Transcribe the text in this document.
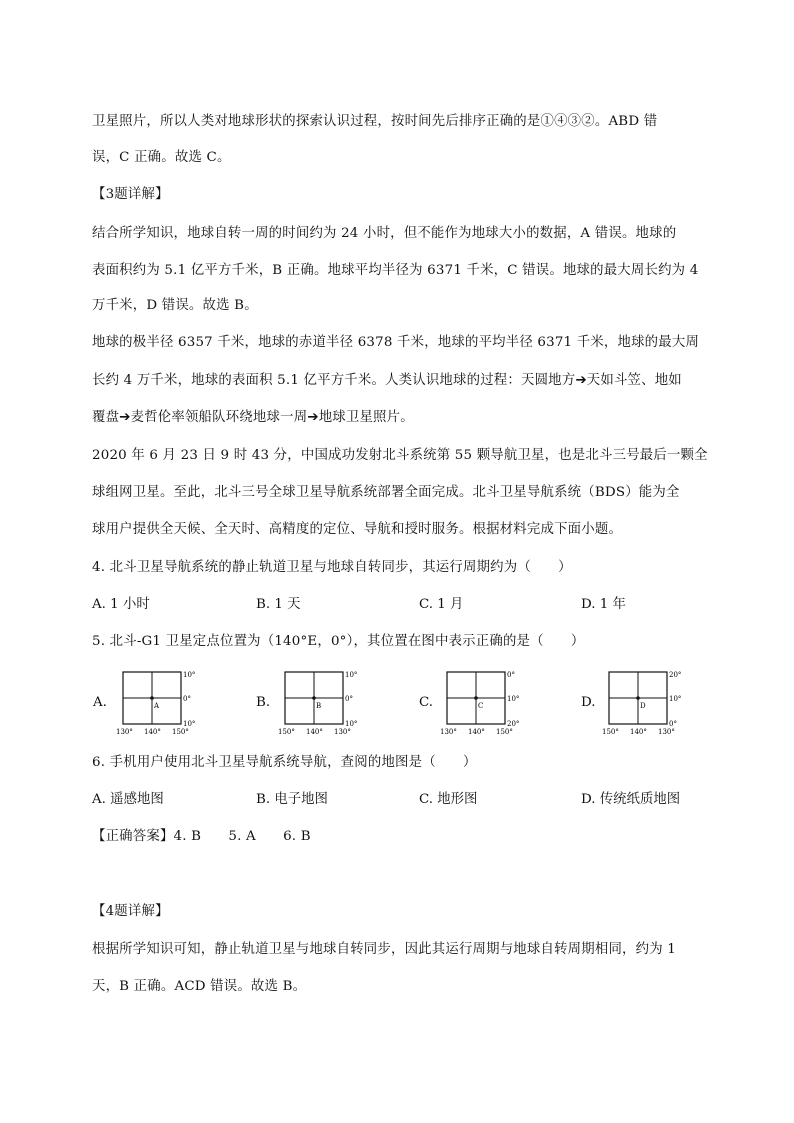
卫星照片，所以人类对地球形状的探索认识过程，按时间先后排序正确的是①④③②。ABD 错
误，C 正确。故选 C。
【3题详解】
结合所学知识，地球自转一周的时间约为 24 小时，但不能作为地球大小的数据，A 错误。地球的
表面积约为 5.1 亿平方千米，B 正确。地球平均半径为 6371 千米，C 错误。地球的最大周长约为 4
万千米，D 错误。故选 B。
地球的极半径 6357 千米，地球的赤道半径 6378 千米，地球的平均半径 6371 千米，地球的最大周
长约 4 万千米，地球的表面积 5.1 亿平方千米。人类认识地球的过程：天圆地方➔天如斗笠、地如
覆盘➔麦哲伦率领船队环绕地球一周➔地球卫星照片。
2020 年 6 月 23 日 9 时 43 分，中国成功发射北斗系统第 55 颗导航卫星，也是北斗三号最后一颗全
球组网卫星。至此，北斗三号全球卫星导航系统部署全面完成。北斗卫星导航系统（BDS）能为全
球用户提供全天候、全天时、高精度的定位、导航和授时服务。根据材料完成下面小题。
4. 北斗卫星导航系统的静止轨道卫星与地球自转同步，其运行周期约为（　　）
A. 1 小时	B. 1 天	C. 1 月	D. 1 年
5. 北斗-G1 卫星定点位置为（140°E，0°），其位置在图中表示正确的是（　　）
A.	A
10°
0°
10°
130° 140° 150°
B.	B
10°
0°
10°
150° 140° 130°
C.	C
0°
10°
20°
130° 140° 150°
D.	D
20°
10°
0°
150° 140° 130°
6. 手机用户使用北斗卫星导航系统导航，查阅的地图是（　　）
A. 遥感地图	B. 电子地图	C. 地形图	D. 传统纸质地图
【正确答案】4. B　　5. A　　6. B
【4题详解】
根据所学知识可知，静止轨道卫星与地球自转同步，因此其运行周期与地球自转周期相同，约为 1
天，B 正确。ACD 错误。故选 B。
